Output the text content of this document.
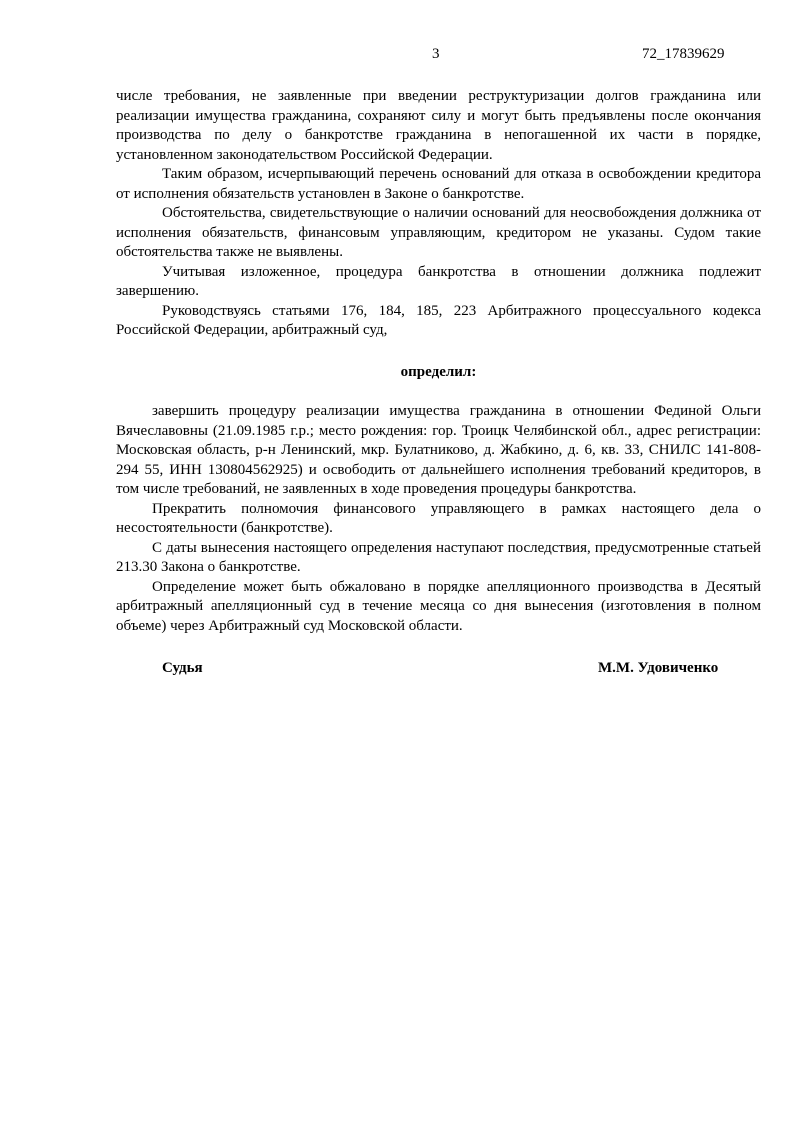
3	72_17839629

числе требования, не заявленные при введении реструктуризации долгов гражданина или реализации имущества гражданина, сохраняют силу и могут быть предъявлены после окончания производства по делу о банкротстве гражданина в непогашенной их части в порядке, установленном законодательством Российской Федерации.

Таким образом, исчерпывающий перечень оснований для отказа в освобождении кредитора от исполнения обязательств установлен в Законе о банкротстве.

Обстоятельства, свидетельствующие о наличии оснований для неосвобождения должника от исполнения обязательств, финансовым управляющим, кредитором не указаны. Судом такие обстоятельства также не выявлены.

Учитывая изложенное, процедура банкротства в отношении должника подлежит завершению.

Руководствуясь статьями 176, 184, 185, 223 Арбитражного процессуального кодекса Российской Федерации, арбитражный суд,

определил:

завершить процедуру реализации имущества гражданина в отношении Фединой Ольги Вячеславовны (21.09.1985 г.р.; место рождения: гор. Троицк Челябинской обл., адрес регистрации: Московская область, р-н Ленинский, мкр. Булатниково, д. Жабкино, д. 6, кв. 33, СНИЛС 141-808-294 55, ИНН 130804562925) и освободить от дальнейшего исполнения требований кредиторов, в том числе требований, не заявленных в ходе проведения процедуры банкротства.

Прекратить полномочия финансового управляющего в рамках настоящего дела о несостоятельности (банкротстве).

С даты вынесения настоящего определения наступают последствия, предусмотренные статьей 213.30 Закона о банкротстве.

Определение может быть обжаловано в порядке апелляционного производства в Десятый арбитражный апелляционный суд в течение месяца со дня вынесения (изготовления в полном объеме) через Арбитражный суд Московской области.

Судья	М.М. Удовиченко
